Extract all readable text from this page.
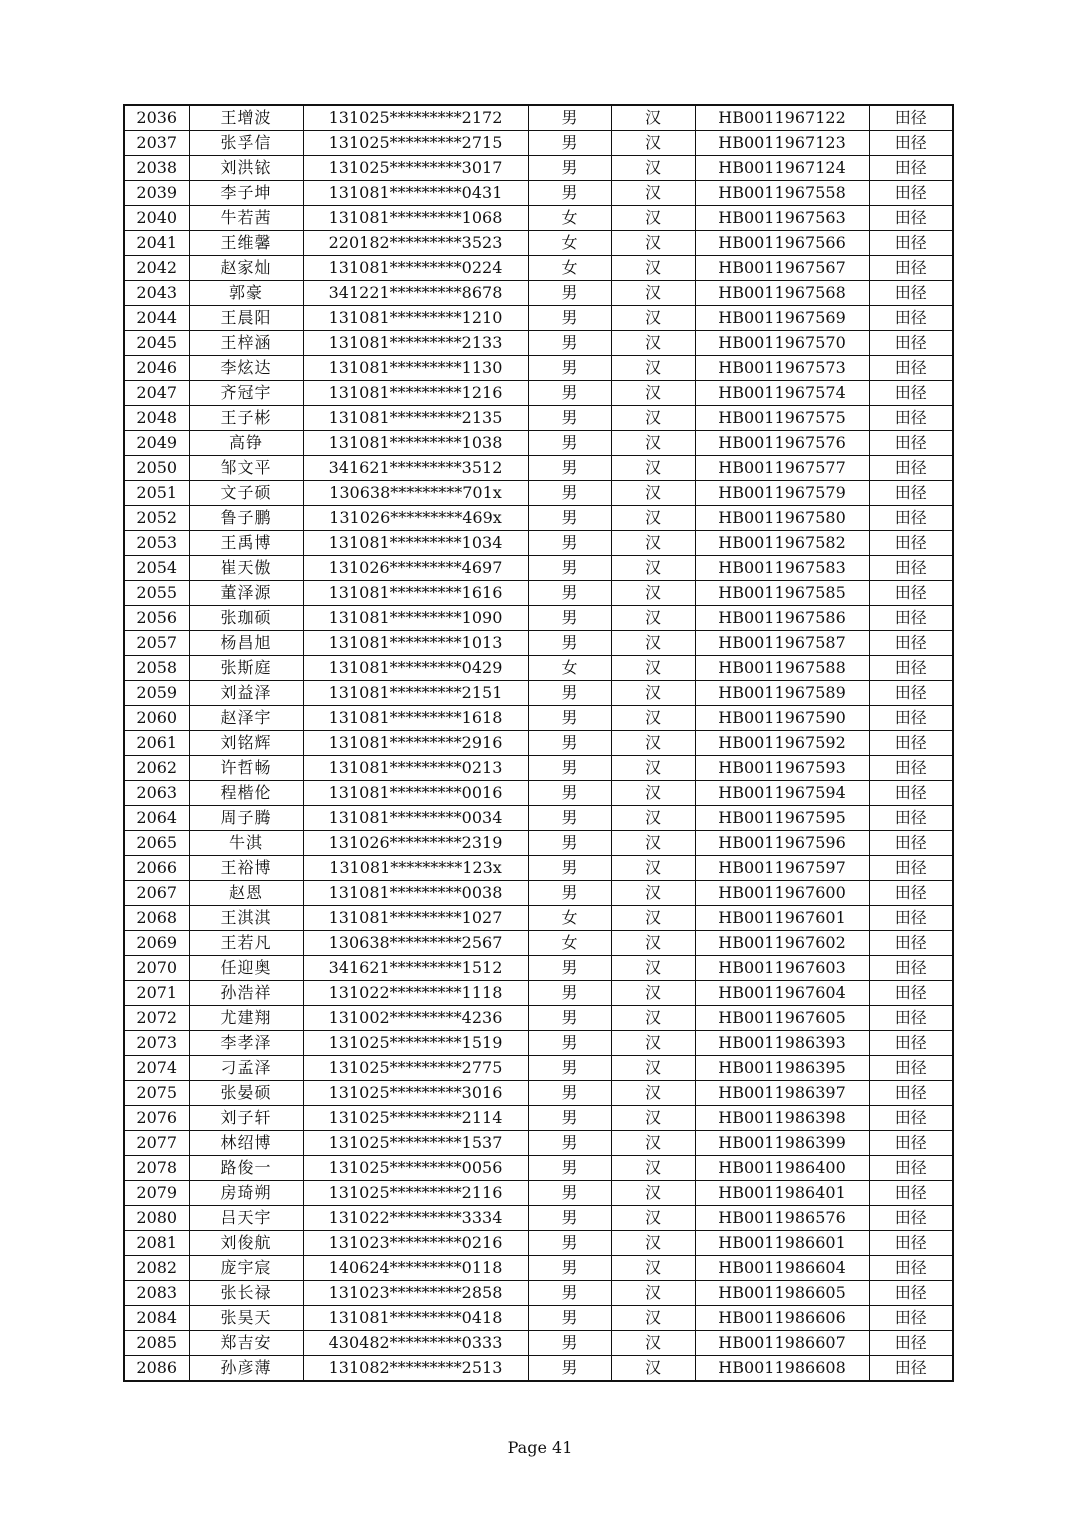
2036	王增波	131025*********2172	男	汉	HB0011967122	田径
2037	张孚信	131025*********2715	男	汉	HB0011967123	田径
2038	刘洪铱	131025*********3017	男	汉	HB0011967124	田径
2039	李子坤	131081*********0431	男	汉	HB0011967558	田径
2040	牛若茜	131081*********1068	女	汉	HB0011967563	田径
2041	王维馨	220182*********3523	女	汉	HB0011967566	田径
2042	赵家灿	131081*********0224	女	汉	HB0011967567	田径
2043	郭豪	341221*********8678	男	汉	HB0011967568	田径
2044	王晨阳	131081*********1210	男	汉	HB0011967569	田径
2045	王梓涵	131081*********2133	男	汉	HB0011967570	田径
2046	李炫达	131081*********1130	男	汉	HB0011967573	田径
2047	齐冠宇	131081*********1216	男	汉	HB0011967574	田径
2048	王子彬	131081*********2135	男	汉	HB0011967575	田径
2049	高铮	131081*********1038	男	汉	HB0011967576	田径
2050	邹文平	341621*********3512	男	汉	HB0011967577	田径
2051	文子硕	130638*********701x	男	汉	HB0011967579	田径
2052	鲁子鹏	131026*********469x	男	汉	HB0011967580	田径
2053	王禹博	131081*********1034	男	汉	HB0011967582	田径
2054	崔天傲	131026*********4697	男	汉	HB0011967583	田径
2055	董泽源	131081*********1616	男	汉	HB0011967585	田径
2056	张珈硕	131081*********1090	男	汉	HB0011967586	田径
2057	杨昌旭	131081*********1013	男	汉	HB0011967587	田径
2058	张斯庭	131081*********0429	女	汉	HB0011967588	田径
2059	刘益泽	131081*********2151	男	汉	HB0011967589	田径
2060	赵泽宇	131081*********1618	男	汉	HB0011967590	田径
2061	刘铭辉	131081*********2916	男	汉	HB0011967592	田径
2062	许哲畅	131081*********0213	男	汉	HB0011967593	田径
2063	程楷伦	131081*********0016	男	汉	HB0011967594	田径
2064	周子腾	131081*********0034	男	汉	HB0011967595	田径
2065	牛淇	131026*********2319	男	汉	HB0011967596	田径
2066	王裕博	131081*********123x	男	汉	HB0011967597	田径
2067	赵恩	131081*********0038	男	汉	HB0011967600	田径
2068	王淇淇	131081*********1027	女	汉	HB0011967601	田径
2069	王若凡	130638*********2567	女	汉	HB0011967602	田径
2070	任迎奥	341621*********1512	男	汉	HB0011967603	田径
2071	孙浩祥	131022*********1118	男	汉	HB0011967604	田径
2072	尤建翔	131002*********4236	男	汉	HB0011967605	田径
2073	李孝泽	131025*********1519	男	汉	HB0011986393	田径
2074	刁孟泽	131025*********2775	男	汉	HB0011986395	田径
2075	张晏硕	131025*********3016	男	汉	HB0011986397	田径
2076	刘子轩	131025*********2114	男	汉	HB0011986398	田径
2077	林绍博	131025*********1537	男	汉	HB0011986399	田径
2078	路俊一	131025*********0056	男	汉	HB0011986400	田径
2079	房琦朔	131025*********2116	男	汉	HB0011986401	田径
2080	吕天宇	131022*********3334	男	汉	HB0011986576	田径
2081	刘俊航	131023*********0216	男	汉	HB0011986601	田径
2082	庞宇宸	140624*********0118	男	汉	HB0011986604	田径
2083	张长禄	131023*********2858	男	汉	HB0011986605	田径
2084	张昊天	131081*********0418	男	汉	HB0011986606	田径
2085	郑吉安	430482*********0333	男	汉	HB0011986607	田径
2086	孙彦薄	131082*********2513	男	汉	HB0011986608	田径
Page 41
